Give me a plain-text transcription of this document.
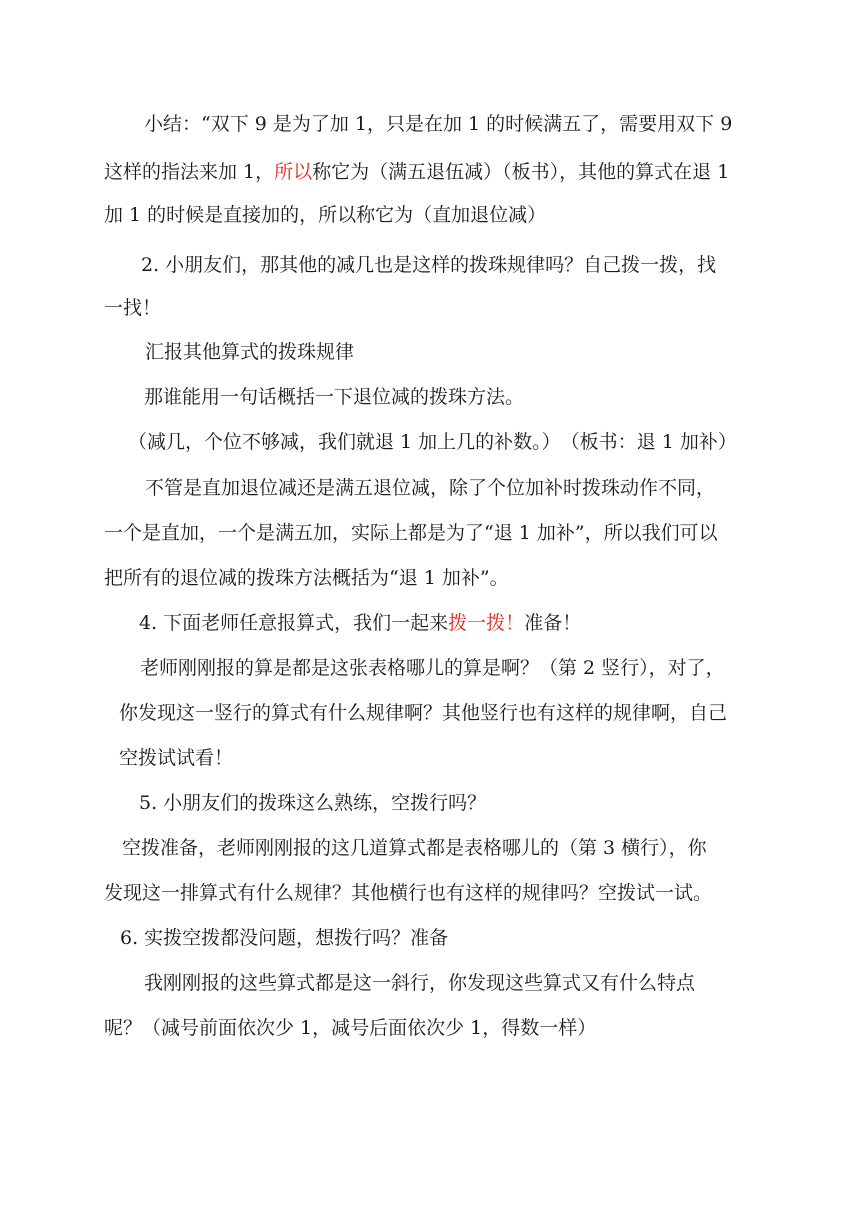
小结：“双下 9 是为了加 1，只是在加 1 的时候满五了，需要用双下 9
这样的指法来加 1，所以称它为（满五退伍减）（板书），其他的算式在退 1
加 1 的时候是直接加的，所以称它为（直加退位减）
2. 小朋友们，那其他的减几也是这样的拨珠规律吗？自己拨一拨，找
一找！
汇报其他算式的拨珠规律
那谁能用一句话概括一下退位减的拨珠方法。
（减几，个位不够减，我们就退 1 加上几的补数。）　（板书：退 1 加补）
不管是直加退位减还是满五退位减，除了个位加补时拨珠动作不同，
一个是直加，一个是满五加，实际上都是为了“退 1 加补”，所以我们可以
把所有的退位减的拨珠方法概括为“退 1 加补”。
4. 下面老师任意报算式，我们一起来拨一拨！准备！
老师刚刚报的算是都是这张表格哪儿的算是啊？（第 2 竖行），对了，
你发现这一竖行的算式有什么规律啊？其他竖行也有这样的规律啊，自己
空拨试试看！
5. 小朋友们的拨珠这么熟练，空拨行吗？
空拨准备，老师刚刚报的这几道算式都是表格哪儿的（第 3 横行），你
发现这一排算式有什么规律？其他横行也有这样的规律吗？空拨试一试。
6. 实拨空拨都没问题，想拨行吗？准备
我刚刚报的这些算式都是这一斜行，你发现这些算式又有什么特点
呢？（减号前面依次少 1，减号后面依次少 1，得数一样）
